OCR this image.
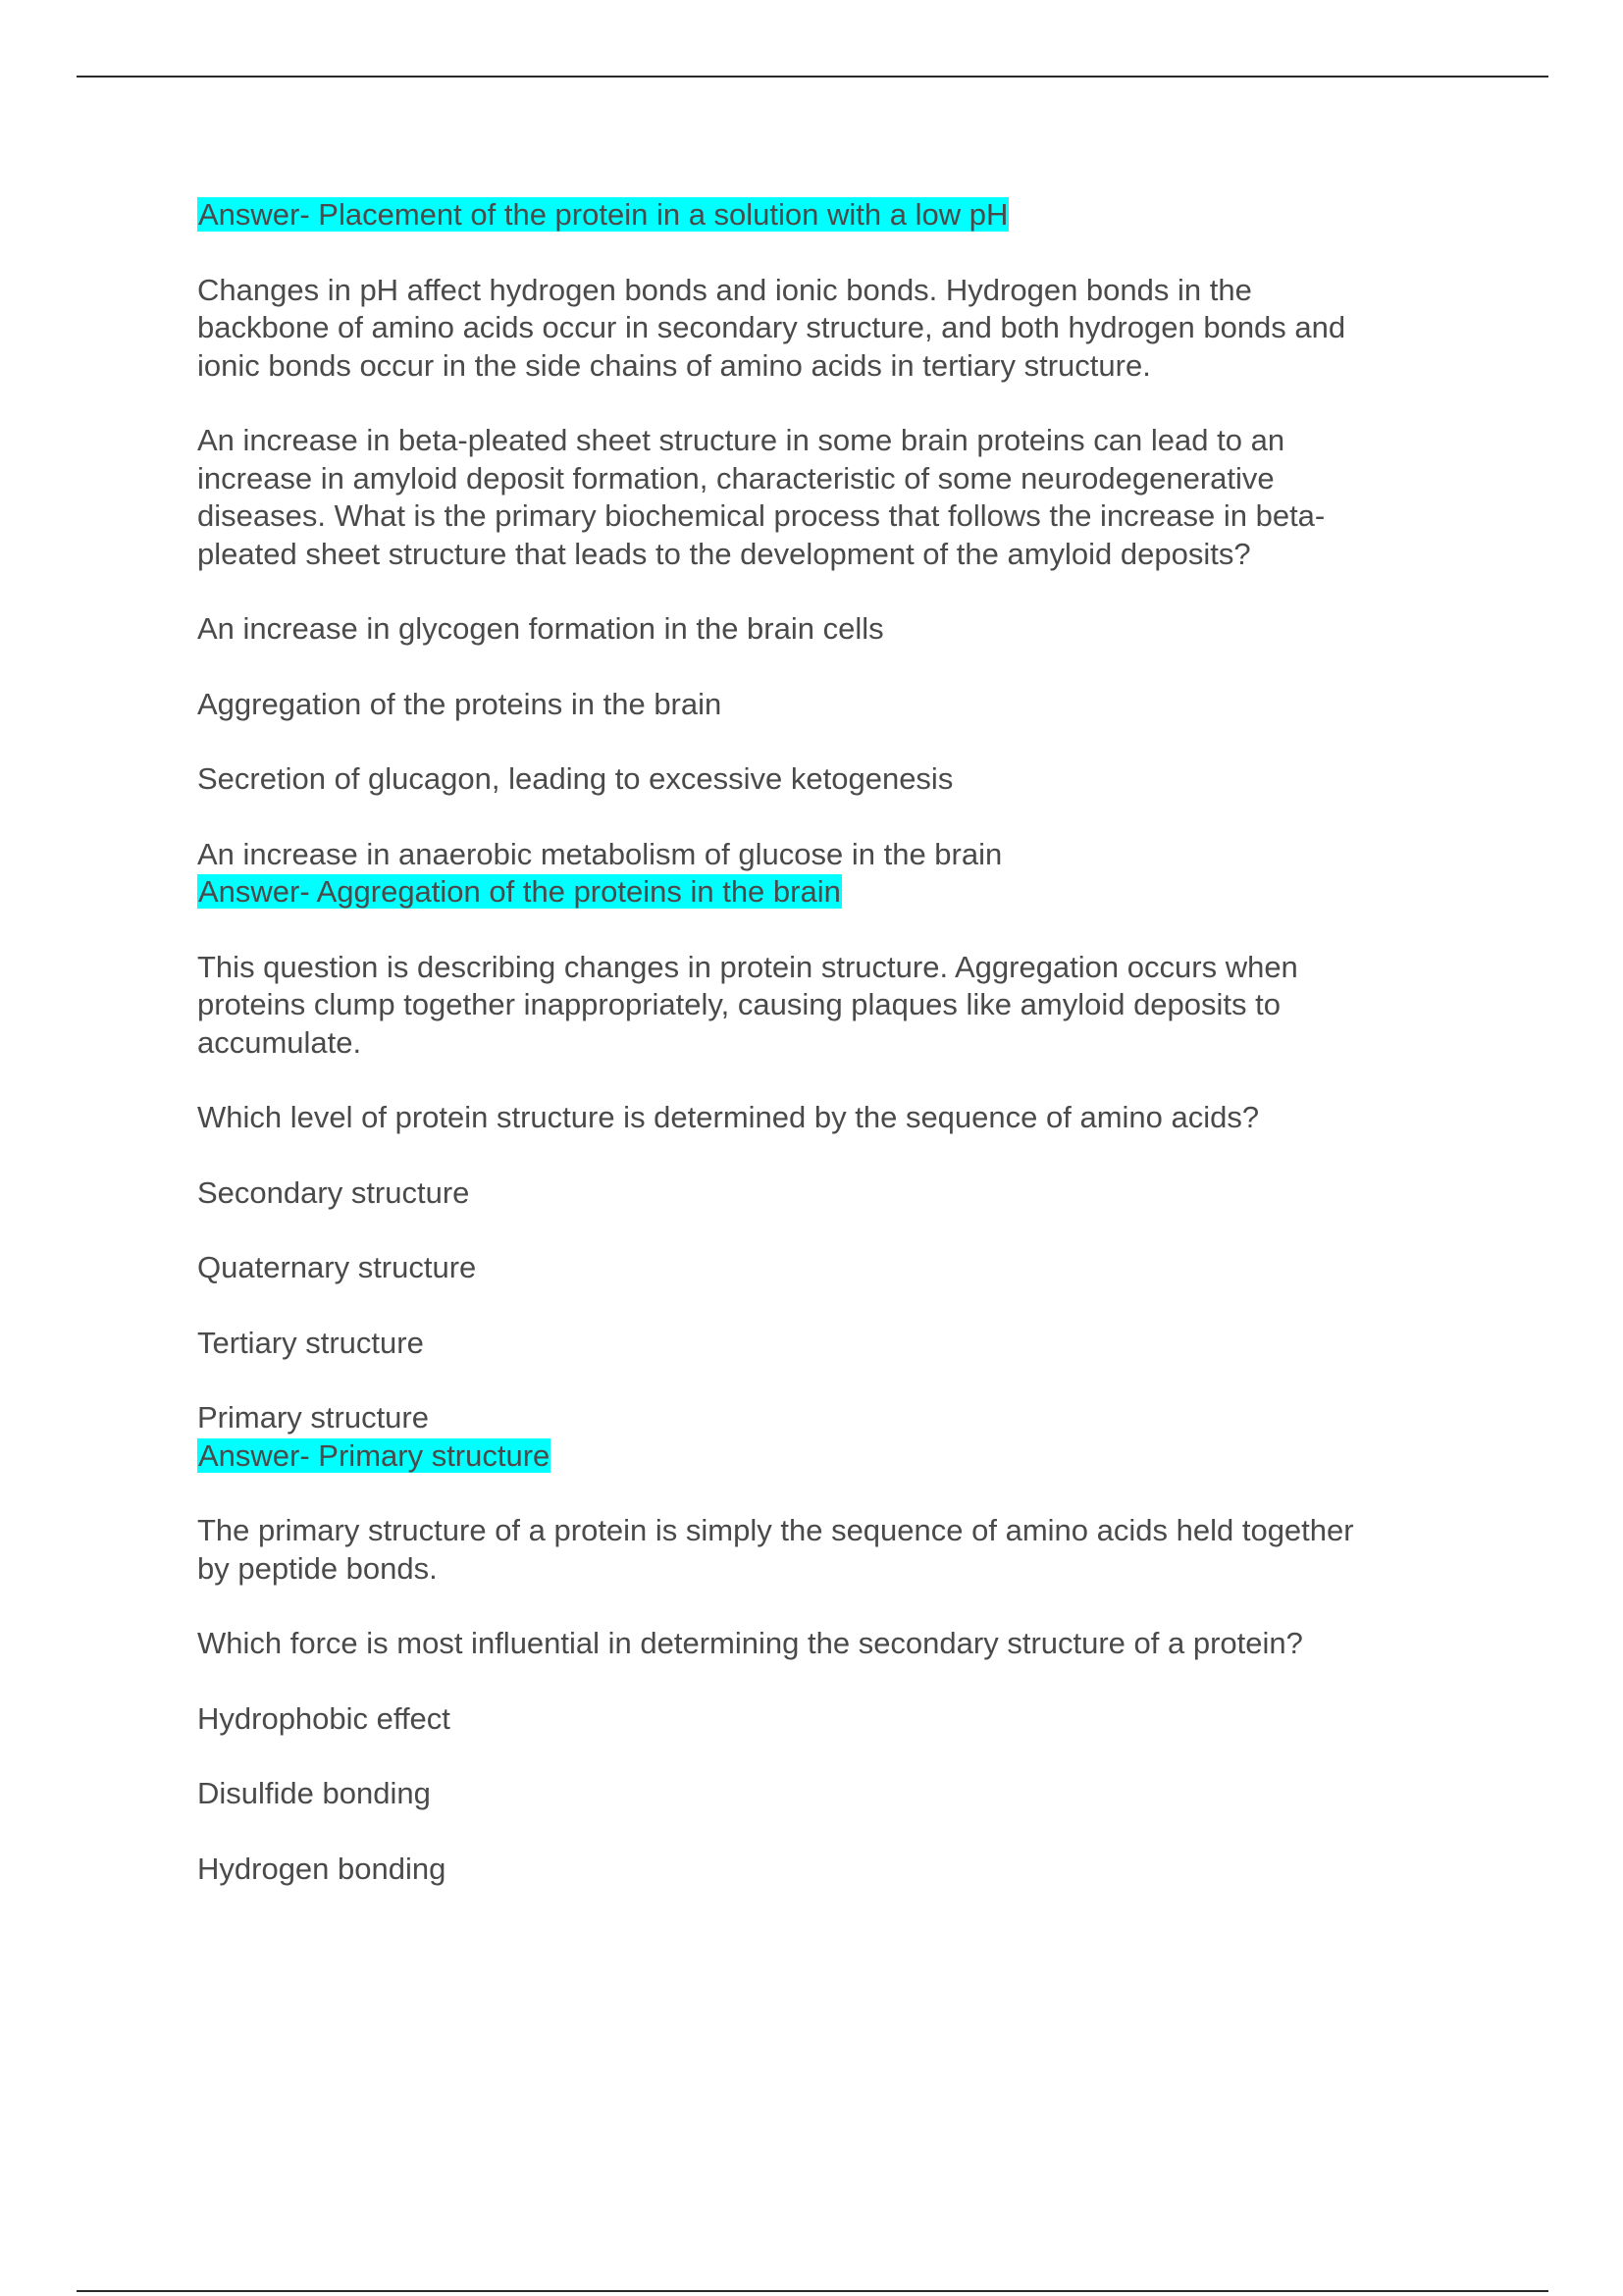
Answer- Placement of the protein in a solution with a low pH
Changes in pH affect hydrogen bonds and ionic bonds. Hydrogen bonds in the
backbone of amino acids occur in secondary structure, and both hydrogen bonds and
ionic bonds occur in the side chains of amino acids in tertiary structure.
An increase in beta-pleated sheet structure in some brain proteins can lead to an
increase in amyloid deposit formation, characteristic of some neurodegenerative
diseases. What is the primary biochemical process that follows the increase in beta-
pleated sheet structure that leads to the development of the amyloid deposits?
An increase in glycogen formation in the brain cells
Aggregation of the proteins in the brain
Secretion of glucagon, leading to excessive ketogenesis
An increase in anaerobic metabolism of glucose in the brain
Answer- Aggregation of the proteins in the brain
This question is describing changes in protein structure. Aggregation occurs when
proteins clump together inappropriately, causing plaques like amyloid deposits to
accumulate.
Which level of protein structure is determined by the sequence of amino acids?
Secondary structure
Quaternary structure
Tertiary structure
Primary structure
Answer- Primary structure
The primary structure of a protein is simply the sequence of amino acids held together
by peptide bonds.
Which force is most influential in determining the secondary structure of a protein?
Hydrophobic effect
Disulfide bonding
Hydrogen bonding
